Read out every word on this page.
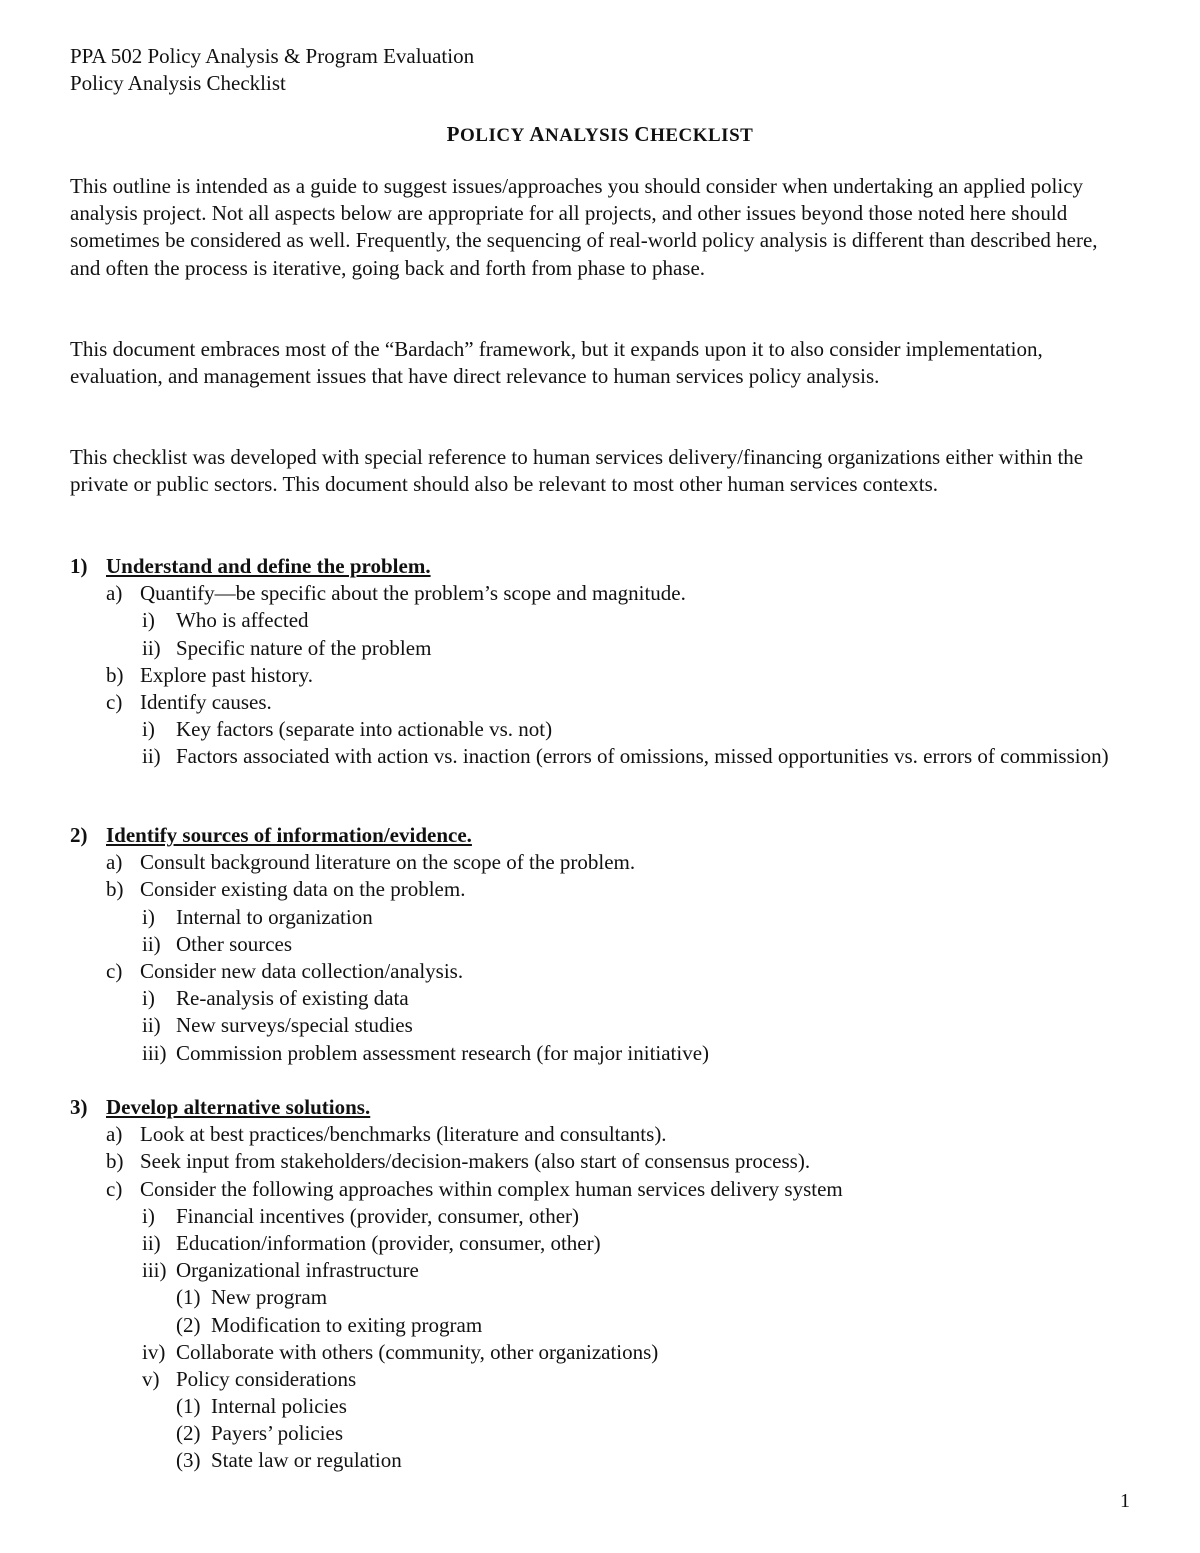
PPA 502 Policy Analysis & Program Evaluation
Policy Analysis Checklist
POLICY ANALYSIS CHECKLIST

This outline is intended as a guide to suggest issues/approaches you should consider when undertaking an applied policy analysis project. Not all aspects below are appropriate for all projects, and other issues beyond those noted here should sometimes be considered as well. Frequently, the sequencing of real-world policy analysis is different than described here, and often the process is iterative, going back and forth from phase to phase.

This document embraces most of the “Bardach” framework, but it expands upon it to also consider implementation, evaluation, and management issues that have direct relevance to human services policy analysis.

This checklist was developed with special reference to human services delivery/financing organizations either within the private or public sectors. This document should also be relevant to most other human services contexts.

1) Understand and define the problem.
a) Quantify—be specific about the problem’s scope and magnitude.
i) Who is affected
ii) Specific nature of the problem
b) Explore past history.
c) Identify causes.
i) Key factors (separate into actionable vs. not)
ii) Factors associated with action vs. inaction (errors of omissions, missed opportunities vs. errors of commission)
2) Identify sources of information/evidence.
a) Consult background literature on the scope of the problem.
b) Consider existing data on the problem.
i) Internal to organization
ii) Other sources
c) Consider new data collection/analysis.
i) Re-analysis of existing data
ii) New surveys/special studies
iii) Commission problem assessment research (for major initiative)
3) Develop alternative solutions.
a) Look at best practices/benchmarks (literature and consultants).
b) Seek input from stakeholders/decision-makers (also start of consensus process).
c) Consider the following approaches within complex human services delivery system
i) Financial incentives (provider, consumer, other)
ii) Education/information (provider, consumer, other)
iii) Organizational infrastructure
(1) New program
(2) Modification to exiting program
iv) Collaborate with others (community, other organizations)
v) Policy considerations
(1) Internal policies
(2) Payers’ policies
(3) State law or regulation
1
